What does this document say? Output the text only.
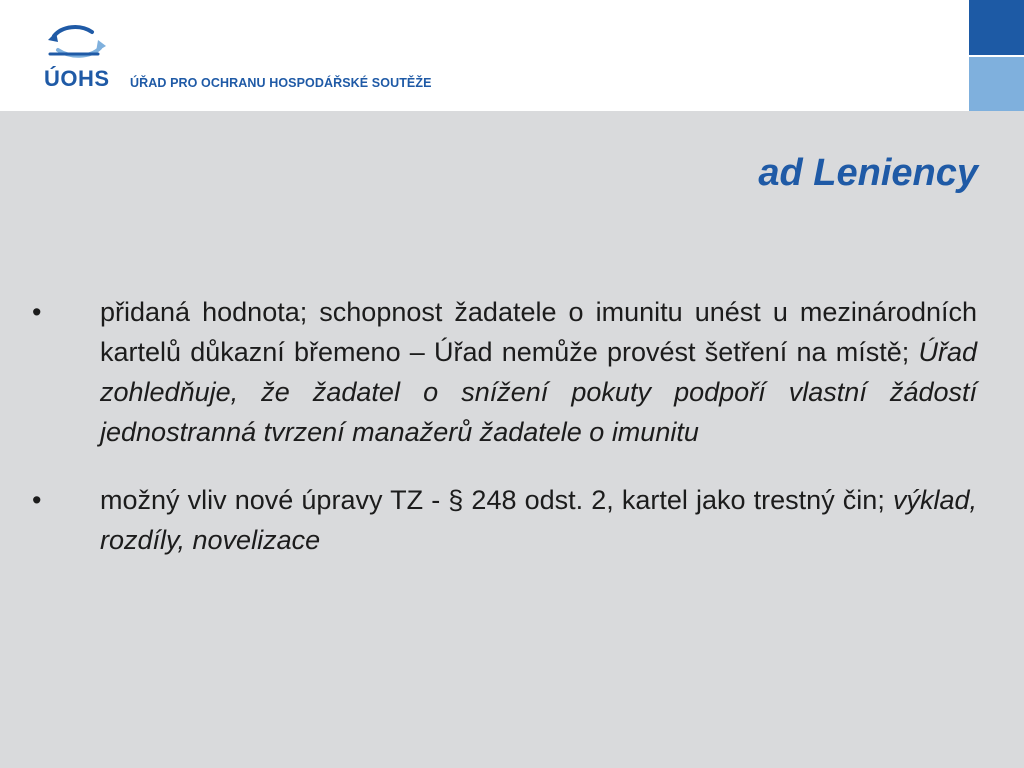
ÚOHS ÚŘAD PRO OCHRANU HOSPODÁŘSKÉ SOUTĚŽE
ad Leniency
•	přidaná hodnota; schopnost žadatele o imunitu unést u mezinárodních kartelů důkazní břemeno – Úřad nemůže provést šetření na místě; Úřad zohledňuje, že žadatel o snížení pokuty podpoří vlastní žádostí jednostranná tvrzení manažerů žadatele o imunitu
•	možný vliv nové úpravy TZ - § 248 odst. 2, kartel jako trestný čin; výklad, rozdíly, novelizace
